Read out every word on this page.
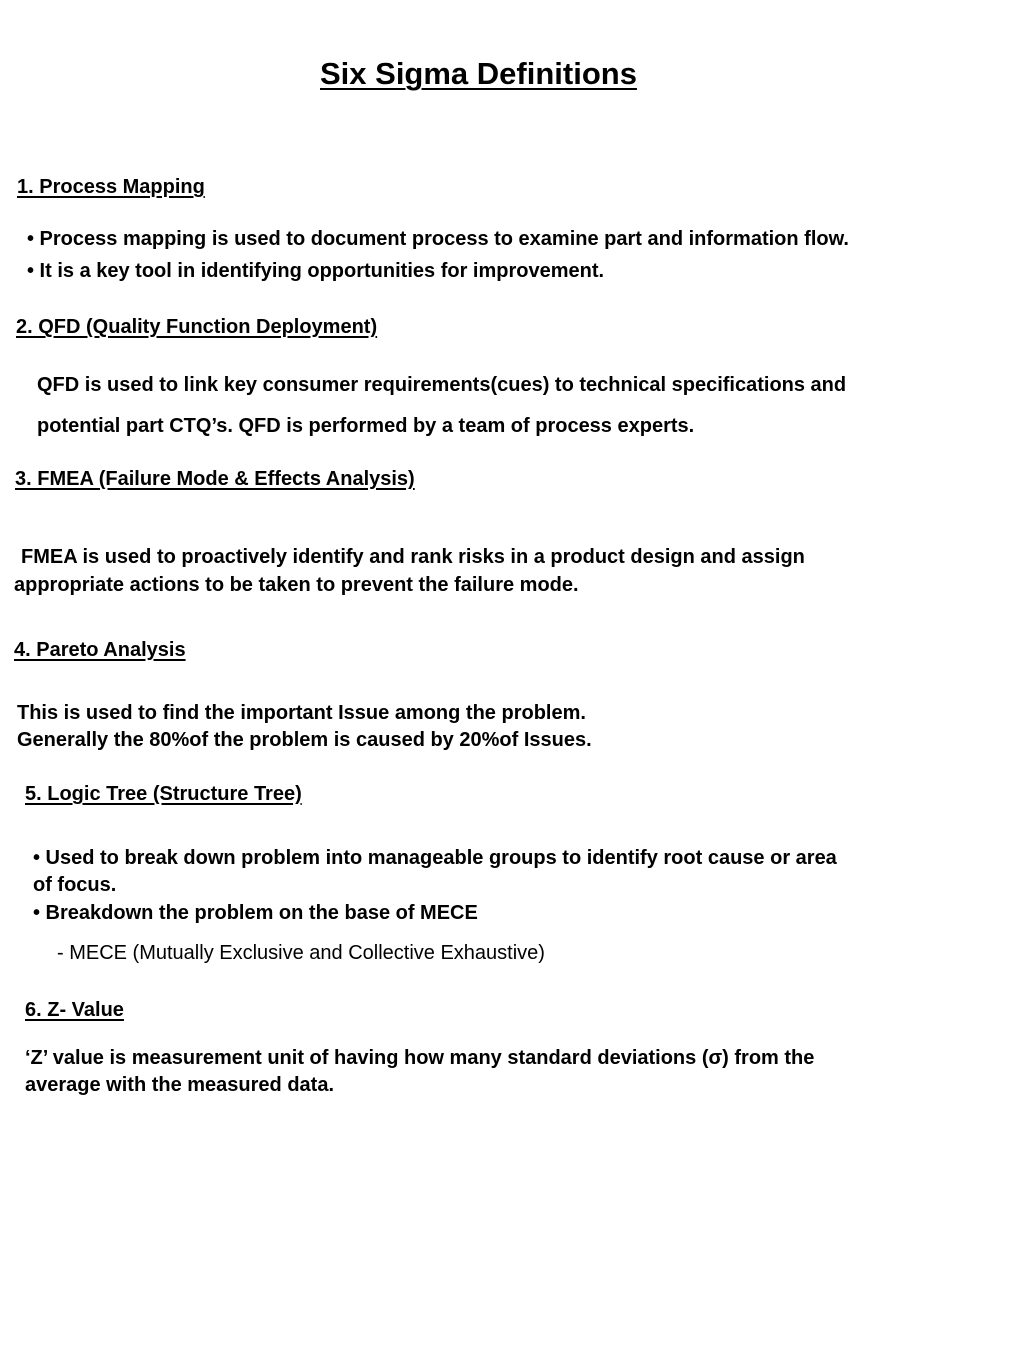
Six Sigma Definitions
1. Process Mapping
• Process mapping is used to document process to examine part and information flow.
• It is a key tool in identifying opportunities for improvement.
2. QFD (Quality Function Deployment)
QFD is used to link key consumer requirements(cues) to technical specifications and
potential part CTQ’s. QFD is performed by a team of process experts.
3. FMEA (Failure Mode & Effects Analysis)
FMEA is used to proactively identify and rank risks in a product design and assign
appropriate actions to be taken to prevent the failure mode.
4. Pareto Analysis
This is used to find the important Issue among the problem.
Generally the 80%of the problem is caused by 20%of Issues.
5. Logic Tree (Structure Tree)
• Used to break down problem into manageable groups to identify root cause or area
of focus.
• Breakdown the problem on the base of MECE
- MECE (Mutually Exclusive and Collective Exhaustive)
6. Z- Value
‘Z’ value is measurement unit of having how many standard deviations (σ) from the
average with the measured data.
